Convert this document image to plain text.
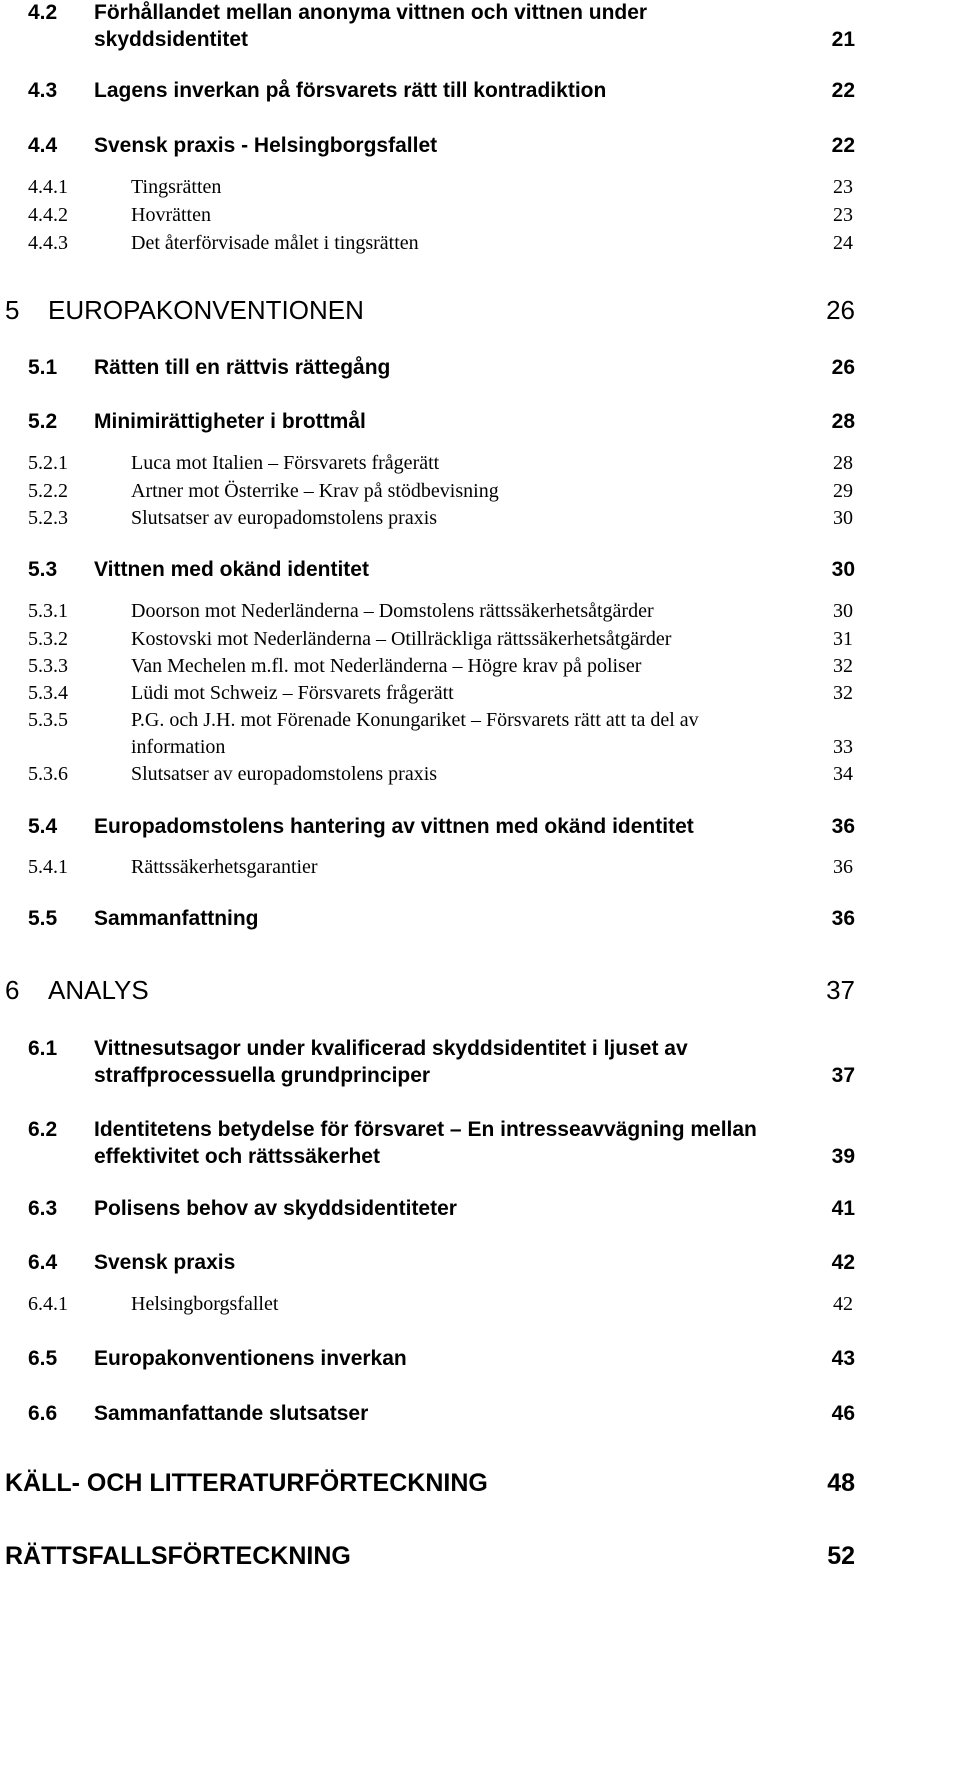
4.2 Förhållandet mellan anonyma vittnen och vittnen under
skyddsidentitet	21
4.3 Lagens inverkan på försvarets rätt till kontradiktion	22
4.4 Svensk praxis - Helsingborgsfallet	22
4.4.1	Tingsrätten	23
4.4.2	Hovrätten	23
4.4.3	Det återförvisade målet i tingsrätten	24
5 EUROPAKONVENTIONEN	26
5.1 Rätten till en rättvis rättegång	26
5.2 Minimirättigheter i brottmål	28
5.2.1	Luca mot Italien – Försvarets frågerätt	28
5.2.2	Artner mot Österrike – Krav på stödbevisning	29
5.2.3	Slutsatser av europadomstolens praxis	30
5.3 Vittnen med okänd identitet	30
5.3.1	Doorson mot Nederländerna – Domstolens rättssäkerhetsåtgärder	30
5.3.2	Kostovski mot Nederländerna – Otillräckliga rättssäkerhetsåtgärder	31
5.3.3	Van Mechelen m.fl. mot Nederländerna – Högre krav på poliser	32
5.3.4	Lüdi mot Schweiz – Försvarets frågerätt	32
5.3.5	P.G. och J.H. mot Förenade Konungariket – Försvarets rätt att ta del av
information	33
5.3.6	Slutsatser av europadomstolens praxis	34
5.4 Europadomstolens hantering av vittnen med okänd identitet	36
5.4.1	Rättssäkerhetsgarantier	36
5.5 Sammanfattning	36
6 ANALYS	37
6.1 Vittnesutsagor under kvalificerad skyddsidentitet i ljuset av
straffprocessuella grundprinciper	37
6.2 Identitetens betydelse för försvaret – En intresseavvägning mellan
effektivitet och rättssäkerhet	39
6.3 Polisens behov av skyddsidentiteter	41
6.4 Svensk praxis	42
6.4.1	Helsingborgsfallet	42
6.5 Europakonventionens inverkan	43
6.6 Sammanfattande slutsatser	46
KÄLL- OCH LITTERATURFÖRTECKNING	48
RÄTTSFALLSFÖRTECKNING	52
